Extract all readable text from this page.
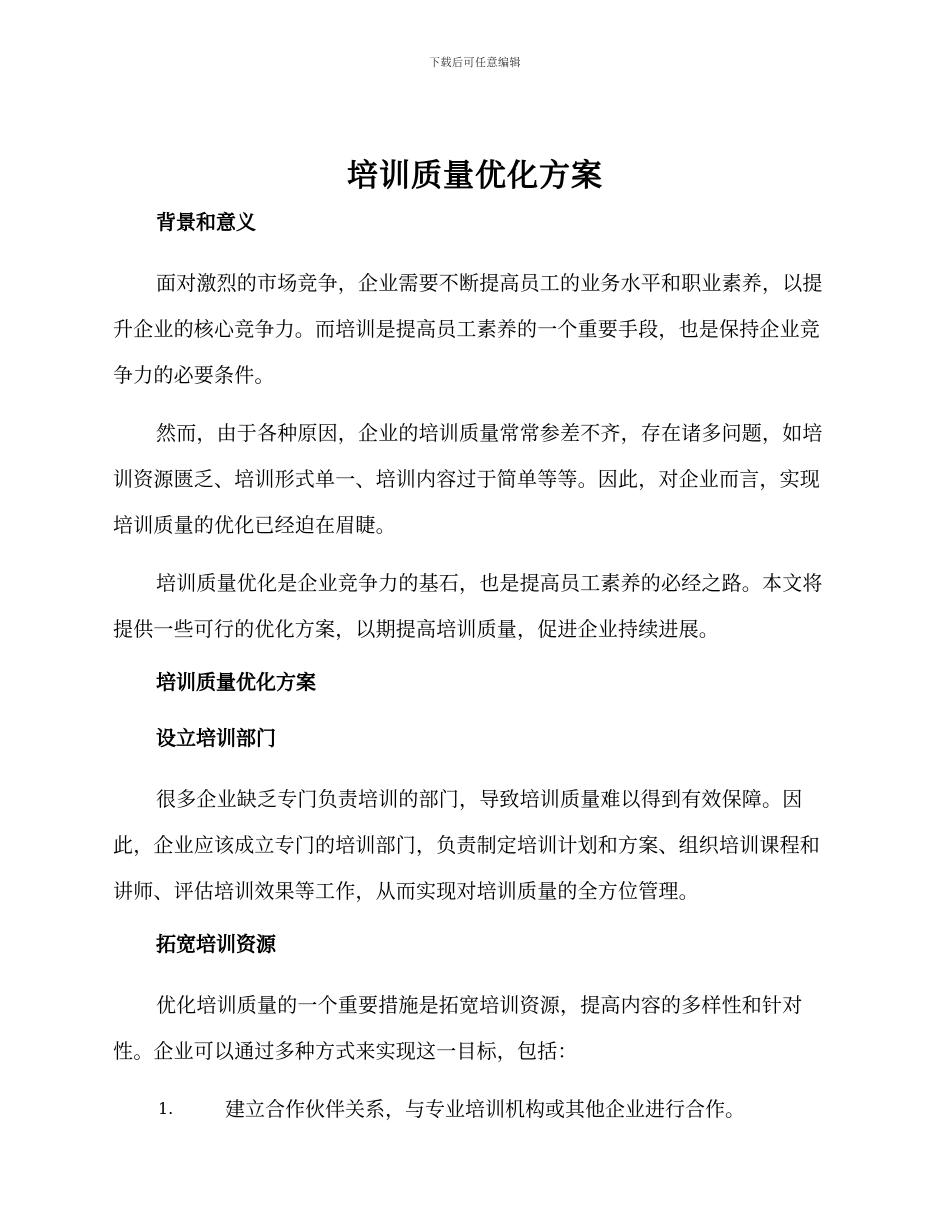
下载后可任意编辑
培训质量优化方案
背景和意义

面对激烈的市场竞争，企业需要不断提高员工的业务水平和职业素养，以提升企业的核心竞争力。而培训是提高员工素养的一个重要手段，也是保持企业竞争力的必要条件。

然而，由于各种原因，企业的培训质量常常参差不齐，存在诸多问题，如培训资源匮乏、培训形式单一、培训内容过于简单等等。因此，对企业而言，实现培训质量的优化已经迫在眉睫。

培训质量优化是企业竞争力的基石，也是提高员工素养的必经之路。本文将提供一些可行的优化方案，以期提高培训质量，促进企业持续进展。

培训质量优化方案
设立培训部门

很多企业缺乏专门负责培训的部门，导致培训质量难以得到有效保障。因此，企业应该成立专门的培训部门，负责制定培训计划和方案、组织培训课程和讲师、评估培训效果等工作，从而实现对培训质量的全方位管理。

拓宽培训资源

优化培训质量的一个重要措施是拓宽培训资源，提高内容的多样性和针对性。企业可以通过多种方式来实现这一目标，包括：

1.	建立合作伙伴关系，与专业培训机构或其他企业进行合作。
